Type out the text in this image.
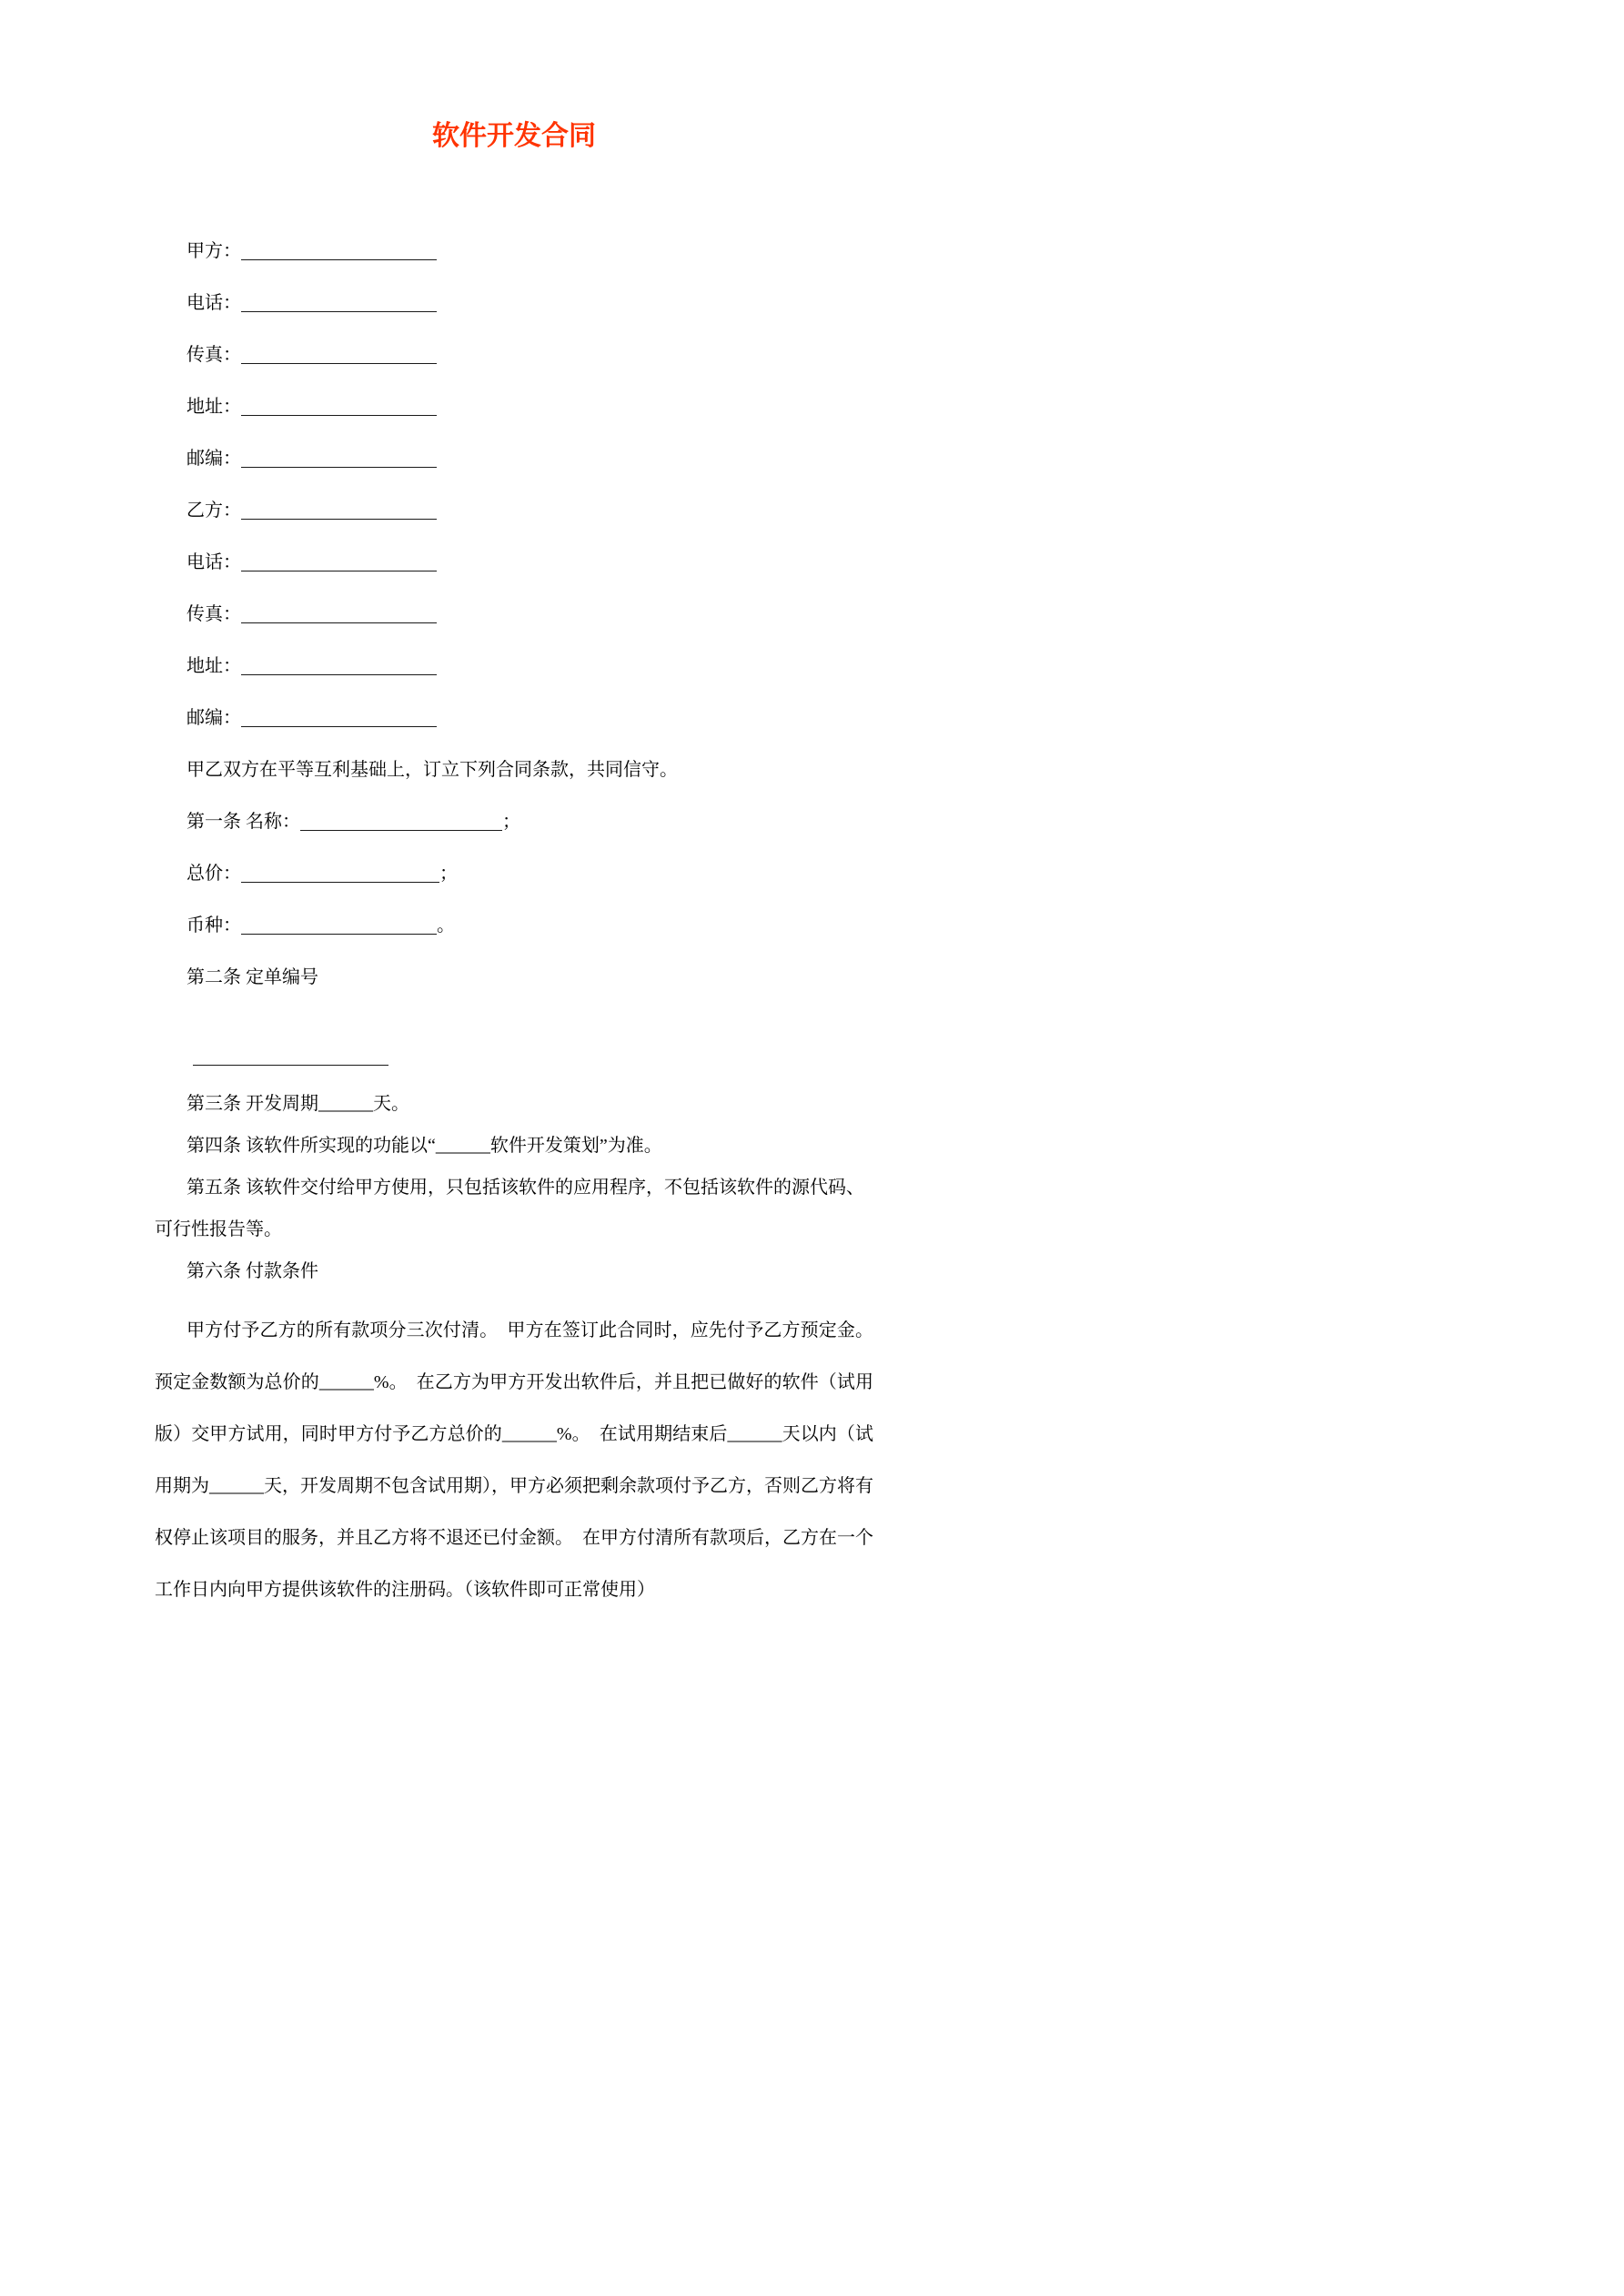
软件开发合同
甲方：
电话：
传真：
地址：
邮编：
乙方：
电话：
传真：
地址：
邮编：

甲乙双方在平等互利基础上，订立下列合同条款，共同信守。

第一条 名称：	；

总价：	；

币种：	。

第二条 定单编号

第三条 开发周期______天。

第四条 该软件所实现的功能以“______软件开发策划”为准。

第五条 该软件交付给甲方使用，只包括该软件的应用程序，不包括该软件的源代码、可行性报告等。

第六条 付款条件

甲方付予乙方的所有款项分三次付清。　甲方在签订此合同时，应先付予乙方预定金。预定金数额为总价的______%。　在乙方为甲方开发出软件后，并且把已做好的软件（试用版）交甲方试用，同时甲方付予乙方总价的______%。　在试用期结束后______天以内（试用期为______天，开发周期不包含试用期），甲方必须把剩余款项付予乙方，否则乙方将有权停止该项目的服务，并且乙方将不退还已付金额。　在甲方付清所有款项后，乙方在一个工作日内向甲方提供该软件的注册码。（该软件即可正常使用）
